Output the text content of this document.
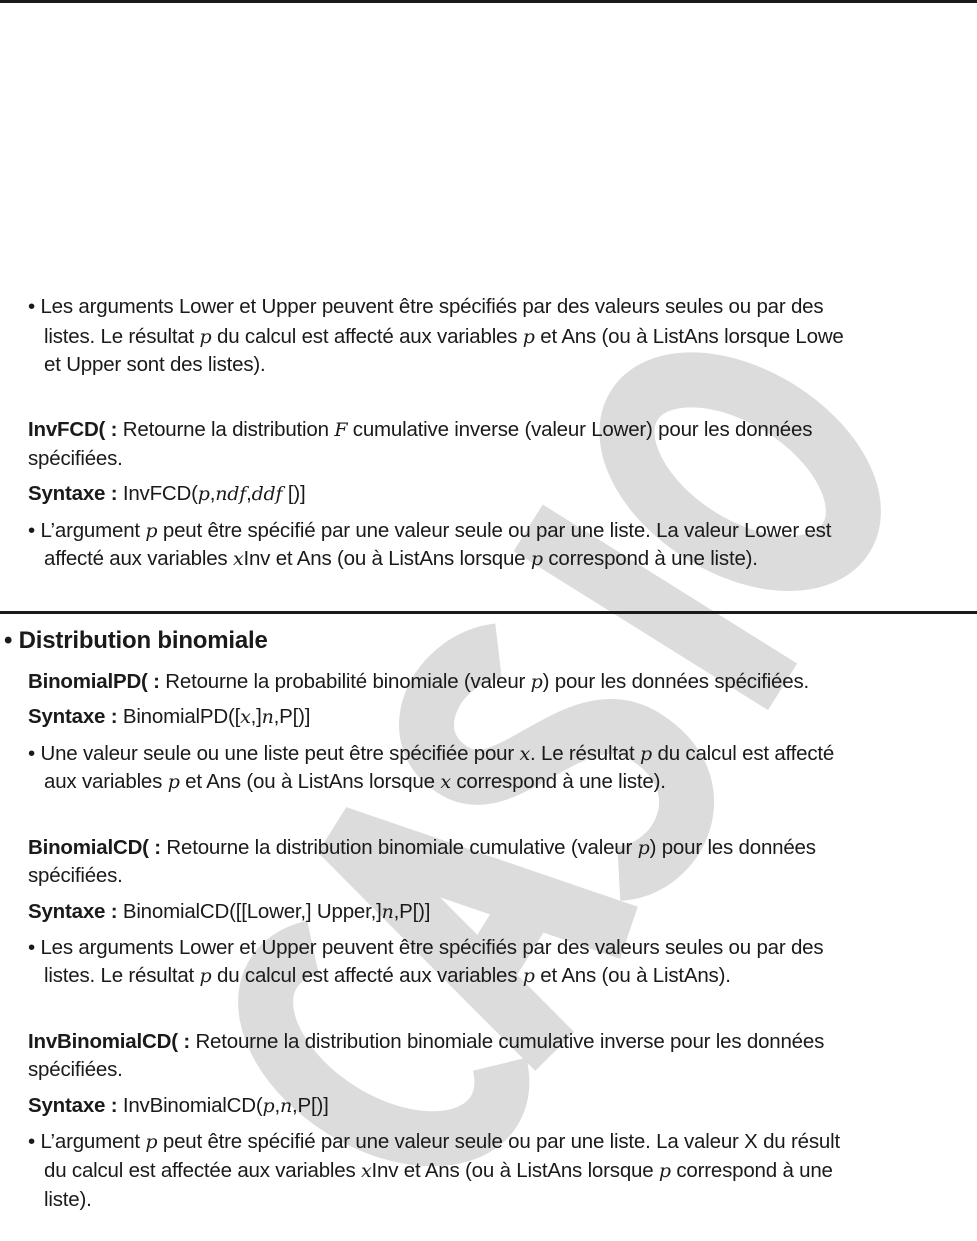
• Les arguments Lower et Upper peuvent être spécifiés par des valeurs seules ou par des
listes. Le résultat p du calcul est affecté aux variables p et Ans (ou à ListAns lorsque Lowe
et Upper sont des listes).
InvFCD( : Retourne la distribution F cumulative inverse (valeur Lower) pour les données
spécifiées.
Syntaxe : InvFCD(p,ndf,ddf [)]
• L’argument p peut être spécifié par une valeur seule ou par une liste. La valeur Lower est
affecté aux variables xInv et Ans (ou à ListAns lorsque p correspond à une liste).
• Distribution binomiale
BinomialPD( : Retourne la probabilité binomiale (valeur p) pour les données spécifiées.
Syntaxe : BinomialPD([x,]n,P[)]
• Une valeur seule ou une liste peut être spécifiée pour x. Le résultat p du calcul est affecté
aux variables p et Ans (ou à ListAns lorsque x correspond à une liste).
BinomialCD( : Retourne la distribution binomiale cumulative (valeur p) pour les données
spécifiées.
Syntaxe : BinomialCD([[Lower,] Upper,]n,P[)]
• Les arguments Lower et Upper peuvent être spécifiés par des valeurs seules ou par des
listes. Le résultat p du calcul est affecté aux variables p et Ans (ou à ListAns).
InvBinomialCD( : Retourne la distribution binomiale cumulative inverse pour les données
spécifiées.
Syntaxe : InvBinomialCD(p,n,P[)]
• L’argument p peut être spécifié par une valeur seule ou par une liste. La valeur X du résult
du calcul est affectée aux variables xInv et Ans (ou à ListAns lorsque p correspond à une
liste).
